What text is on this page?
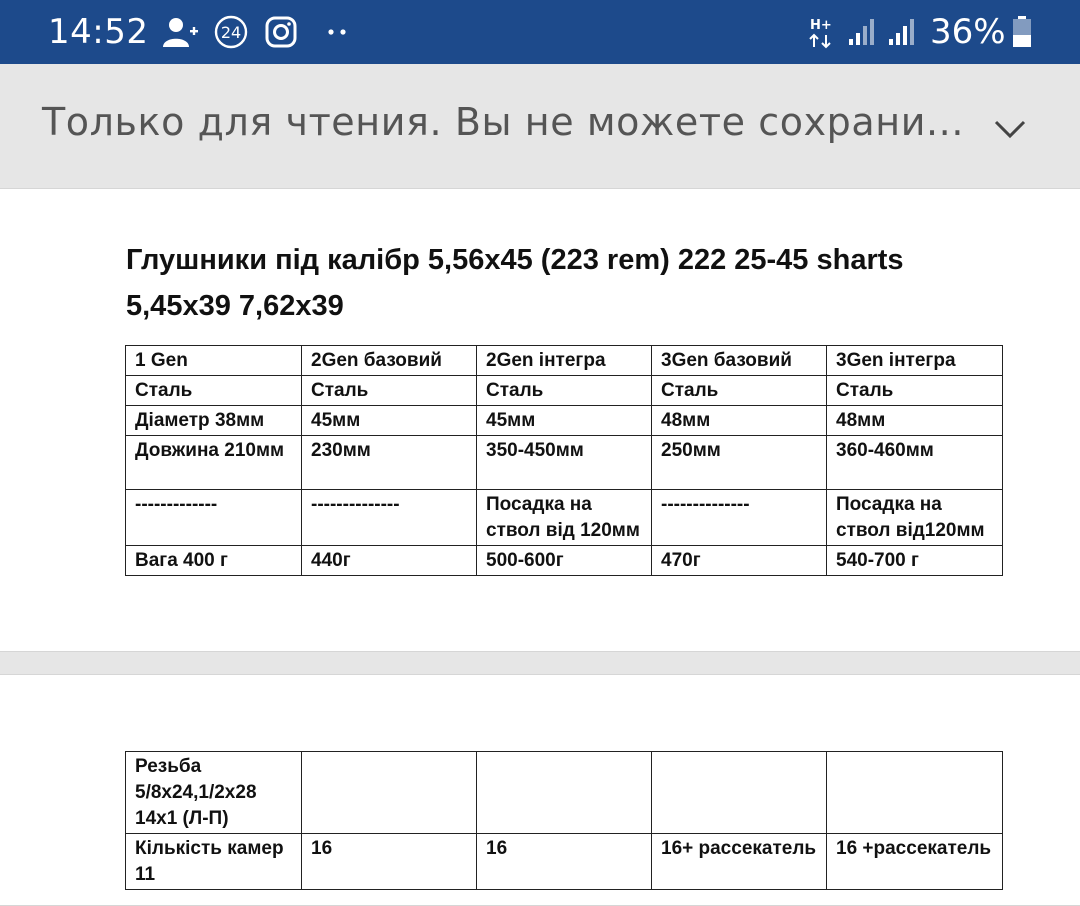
14:52	24	H+	36%
Только для чтения. Вы не можете сохрани...
Глушники під калібр 5,56х45 (223 rem) 222 25-45 sharts 5,45х39 7,62х39
1 Gen	2Gen базовий	2Gen інтегра	3Gen базовий	3Gen інтегра
Сталь	Сталь	Сталь	Сталь	Сталь
Діаметр 38мм	45мм	45мм	48мм	48мм
Довжина 210мм	230мм	350-450мм	250мм	360-460мм
-------------	--------------	Посадка на ствол від 120мм	--------------	Посадка на ствол від120мм
Вага 400 г	440г	500-600г	470г	540-700 г
Резьба 5/8х24,1/2х28 14х1 (Л-П)				
Кількість камер 11	16	16	16+ рассекатель	16 +рассекатель
